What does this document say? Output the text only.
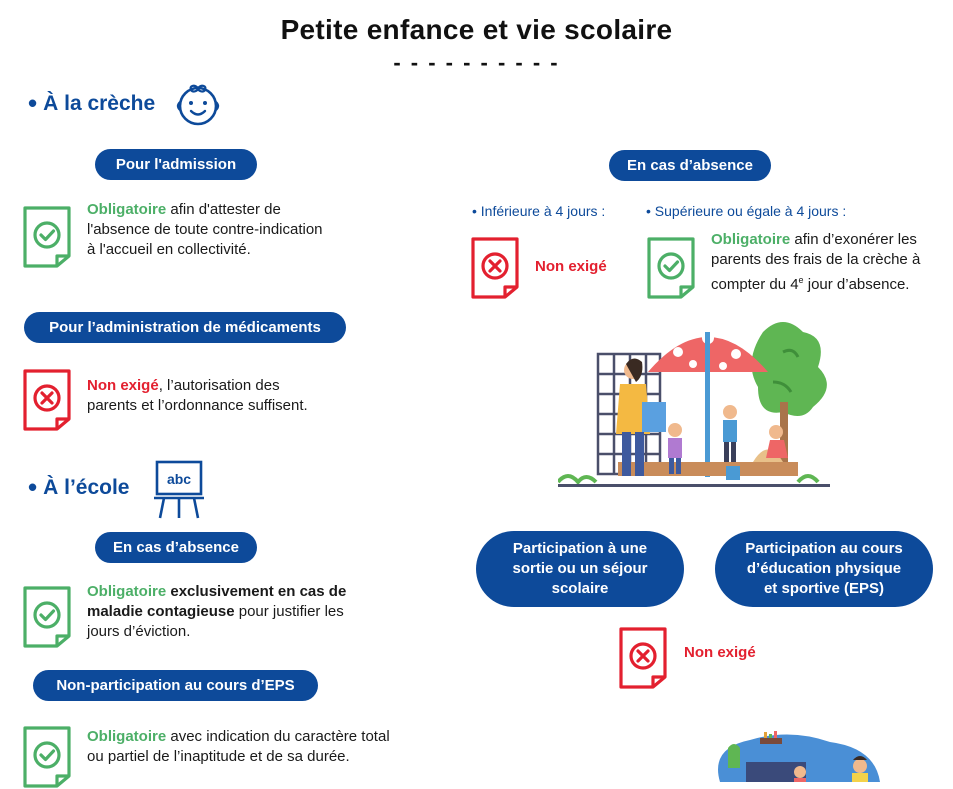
Petite enfance et vie scolaire
- - - - - - - - - -
• À la crèche
Pour l'admission
Obligatoire afin d'attester de
l'absence de toute contre-indication
à l'accueil en collectivité.
Pour l’administration de médicaments
Non exigé, l’autorisation des
parents et l’ordonnance suffisent.
En cas d’absence
• Inférieure à 4 jours :
Non exigé
• Supérieure ou égale à 4 jours :
Obligatoire afin d’exonérer les
parents des frais de la crèche à
compter du 4e jour d’absence.
• À l’école	abc
En cas d’absence
Obligatoire exclusivement en cas de
maladie contagieuse pour justifier les
jours d’éviction.
Non-participation au cours d’EPS
Obligatoire avec indication du caractère total
ou partiel de l’inaptitude et de sa durée.
Participation à une
sortie ou un séjour
scolaire
Participation au cours
d’éducation physique
et sportive (EPS)
Non exigé
